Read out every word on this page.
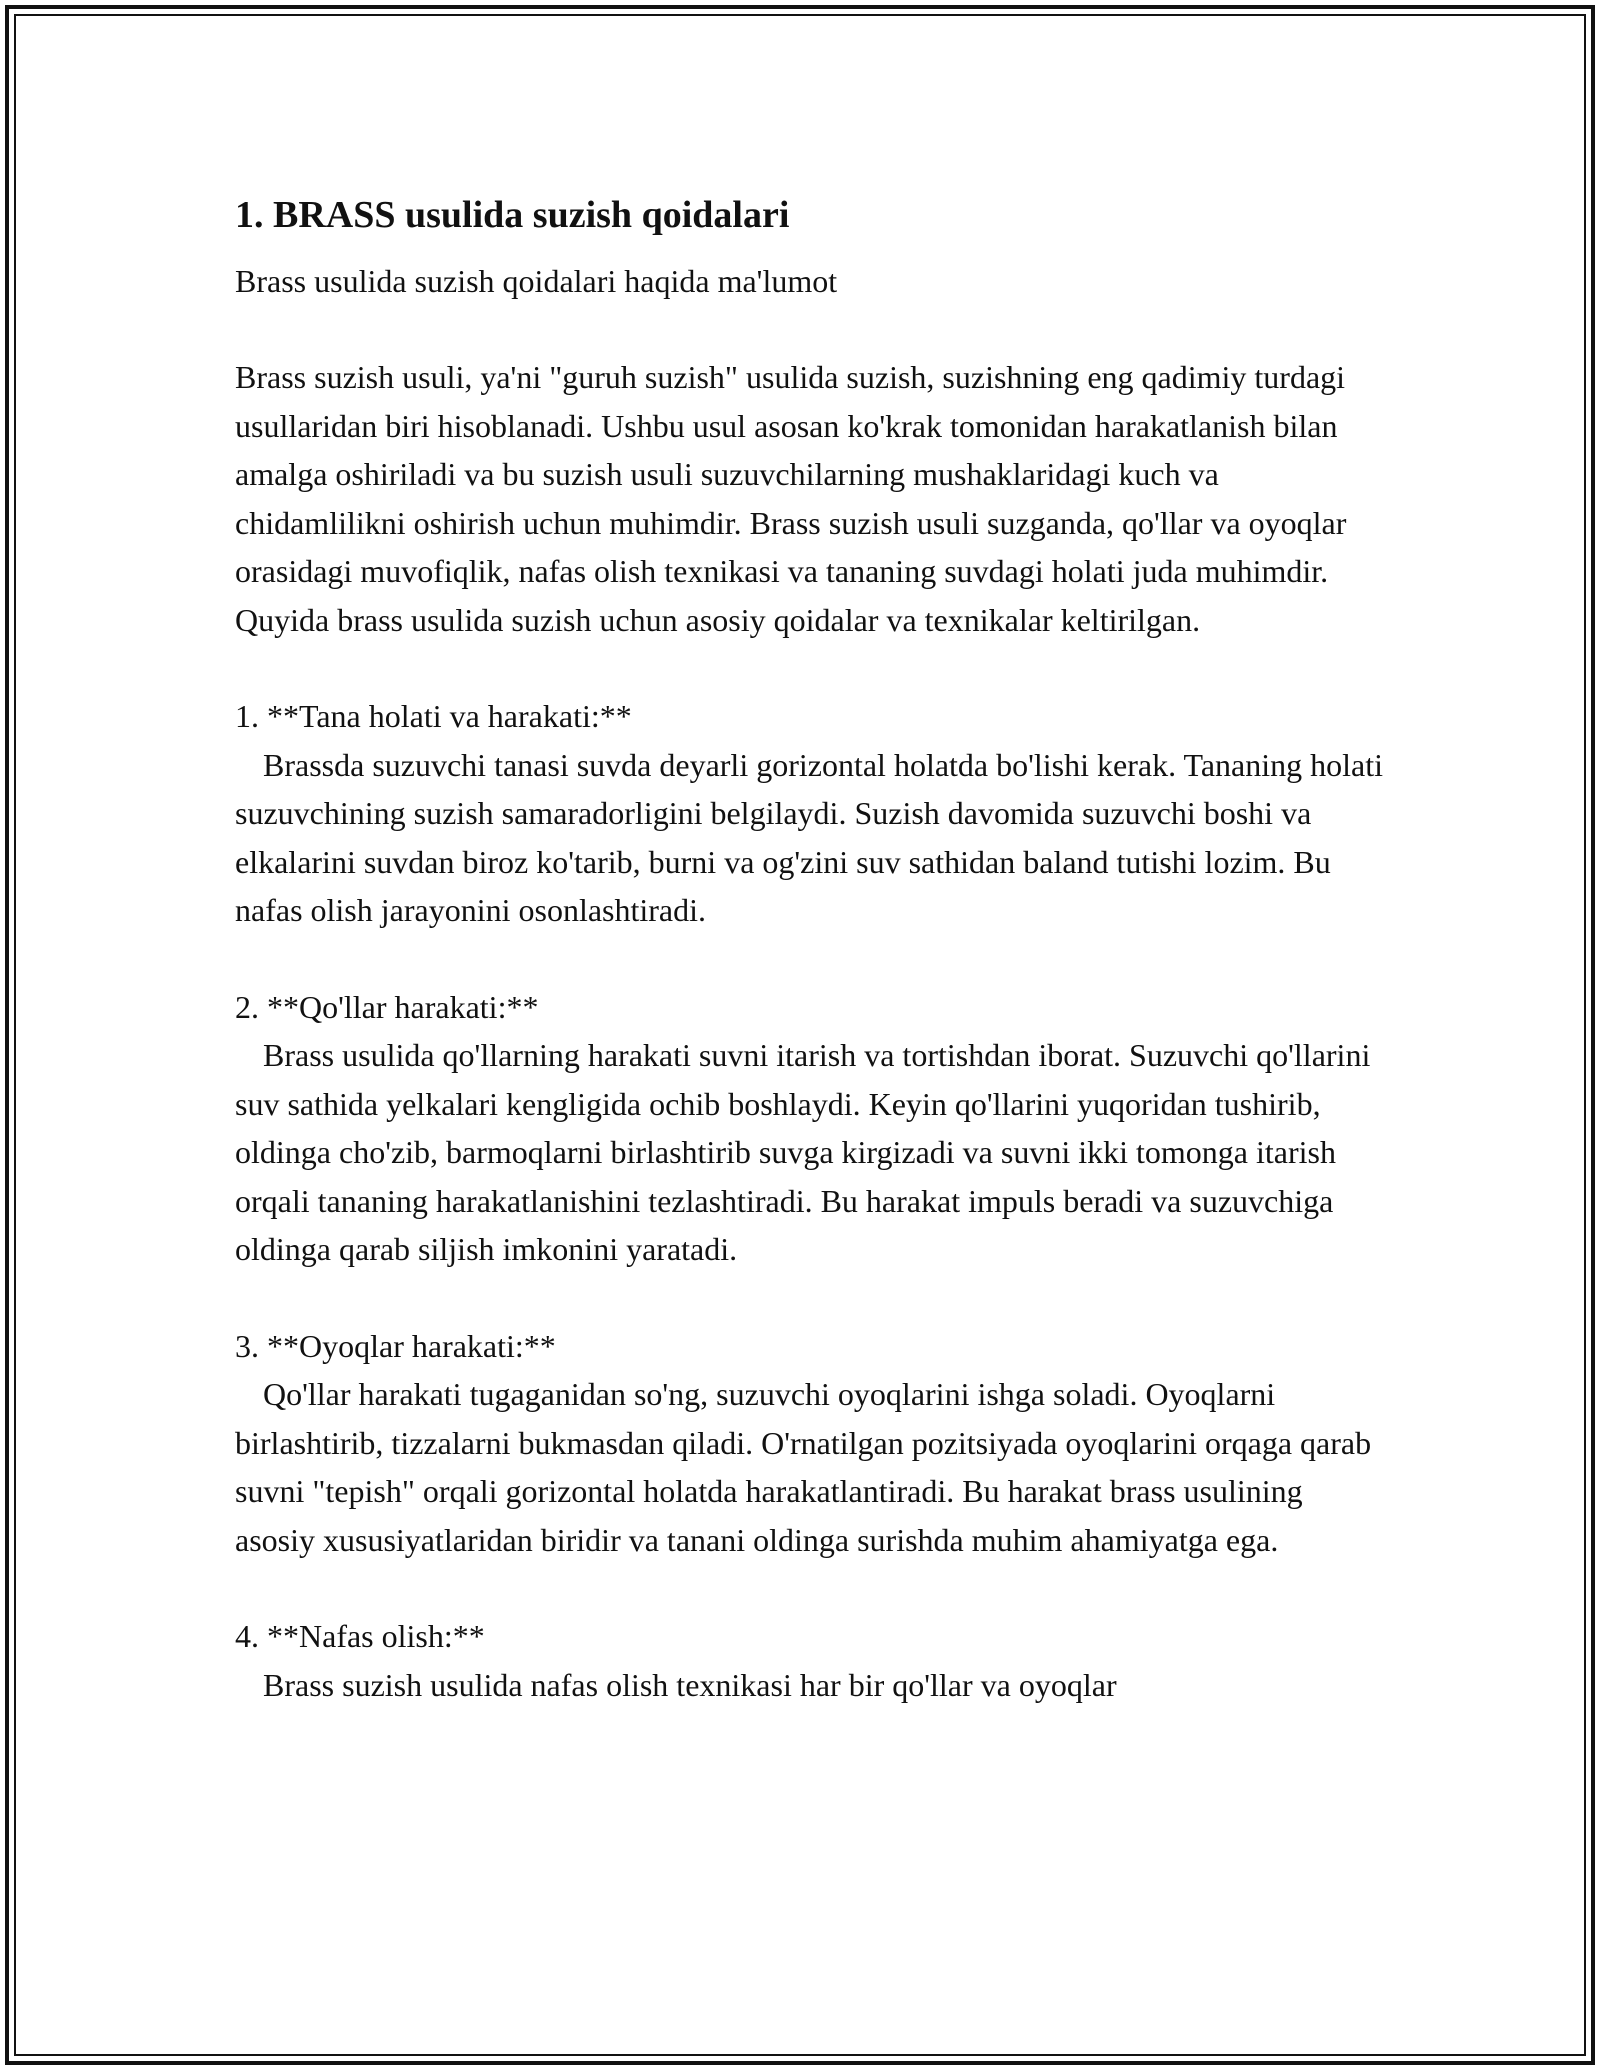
1. BRASS usulida suzish qoidalari

Brass usulida suzish qoidalari haqida ma'lumot

Brass suzish usuli, ya'ni "guruh suzish" usulida suzish, suzishning eng qadimiy turdagi usullaridan biri hisoblanadi. Ushbu usul asosan ko'krak tomonidan harakatlanish bilan amalga oshiriladi va bu suzish usuli suzuvchilarning mushaklaridagi kuch va chidamlilikni oshirish uchun muhimdir. Brass suzish usuli suzganda, qo'llar va oyoqlar orasidagi muvofiqlik, nafas olish texnikasi va tananing suvdagi holati juda muhimdir. Quyida brass usulida suzish uchun asosiy qoidalar va texnikalar keltirilgan.

1. **Tana holati va harakati:**
Brassda suzuvchi tanasi suvda deyarli gorizontal holatda bo'lishi kerak. Tananing holati suzuvchining suzish samaradorligini belgilaydi. Suzish davomida suzuvchi boshi va elkalarini suvdan biroz ko'tarib, burni va og'zini suv sathidan baland tutishi lozim. Bu nafas olish jarayonini osonlashtiradi.
2. **Qo'llar harakati:**
Brass usulida qo'llarning harakati suvni itarish va tortishdan iborat. Suzuvchi qo'llarini suv sathida yelkalari kengligida ochib boshlaydi. Keyin qo'llarini yuqoridan tushirib, oldinga cho'zib, barmoqlarni birlashtirib suvga kirgizadi va suvni ikki tomonga itarish orqali tananing harakatlanishini tezlashtiradi. Bu harakat impuls beradi va suzuvchiga oldinga qarab siljish imkonini yaratadi.
3. **Oyoqlar harakati:**
Qo'llar harakati tugaganidan so'ng, suzuvchi oyoqlarini ishga soladi. Oyoqlarni birlashtirib, tizzalarni bukmasdan qiladi. O'rnatilgan pozitsiyada oyoqlarini orqaga qarab suvni "tepish" orqali gorizontal holatda harakatlantiradi. Bu harakat brass usulining asosiy xususiyatlaridan biridir va tanani oldinga surishda muhim ahamiyatga ega.
4. **Nafas olish:**
Brass suzish usulida nafas olish texnikasi har bir qo'llar va oyoqlar
